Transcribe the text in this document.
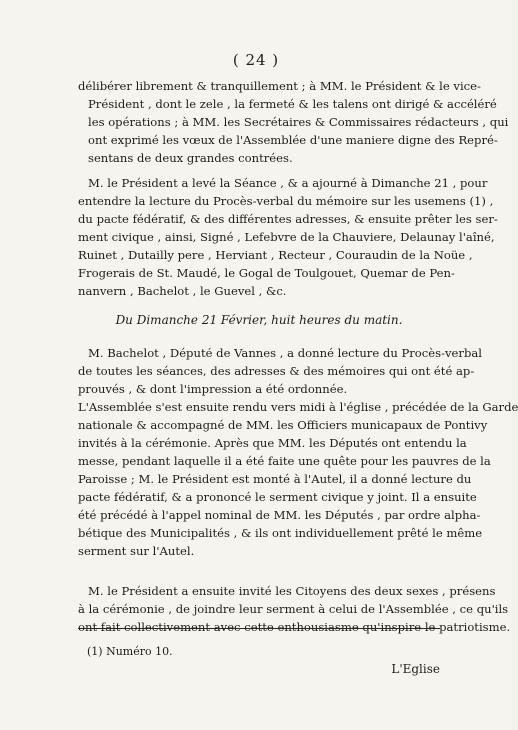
( 24 )
délibérer librement & tranquillement ; à MM. le Président & le vice-
Président , dont le zele , la fermeté & les talens ont dirigé & accéléré
les opérations ; à MM. les Secrétaires & Commissaires rédacteurs , qui
ont exprimé les vœux de l'Assemblée d'une maniere digne des Repré-
sentans de deux grandes contrées.
M. le Président a levé la Séance , & a ajourné à Dimanche 21 , pour
entendre la lecture du Procès-verbal du mémoire sur les usemens (1) ,
du pacte fédératif, & des différentes adresses, & ensuite prêter les ser-
ment civique , ainsi, Signé , Lefebvre de la Chauviere, Delaunay l'aîné,
Ruinet , Dutailly pere , Herviant , Recteur , Couraudin de la Noüe ,
Frogerais de St. Maudé, le Gogal de Toulgouet, Quemar de Pen-
nanvern , Bachelot , le Guevel , &c.
Du Dimanche 21 Février, huit heures du matin.
M. Bachelot , Député de Vannes , a donné lecture du Procès-verbal
de toutes les séances, des adresses & des mémoires qui ont été ap-
prouvés , & dont l'impression a été ordonnée.
L'Assemblée s'est ensuite rendu vers midi à l'église , précédée de la Garde
nationale & accompagné de MM. les Officiers municapaux de Pontivy
invités à la cérémonie. Après que MM. les Députés ont entendu la
messe, pendant laquelle il a été faite une quête pour les pauvres de la
Paroisse ; M. le Président est monté à l'Autel, il a donné lecture du
pacte fédératif, & a prononcé le serment civique y joint. Il a ensuite
été précédé à l'appel nominal de MM. les Députés , par ordre alpha-
bétique des Municipalités , & ils ont individuellement prêté le même
serment sur l'Autel.
M. le Président a ensuite invité les Citoyens des deux sexes , présens
à la cérémonie , de joindre leur serment à celui de l'Assemblée , ce qu'ils
ont fait collectivement avec cette enthousiasme qu'inspire le patriotisme.
(1) Numéro 10.
L'Eglise
